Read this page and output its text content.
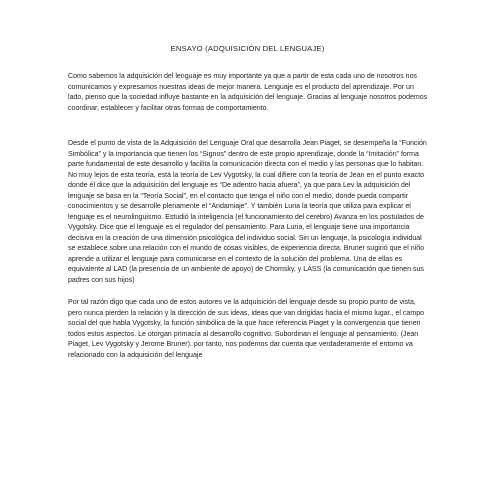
ENSAYO (ADQUISICIÓN DEL LENGUAJE)

Como sabemos la adquisición del lenguaje es muy importante ya que a partir de esta cada uno de nosotros nos comunicamos y expresamos nuestras ideas de mejor manera. Lenguaje es el producto del aprendizaje. Por un lado, pienso que la sociedad influye bastante en la adquisición del lenguaje. Gracias al lenguaje nosotros podemos coordinar, establecer y facilitar otras formas de comportamiento.

Desde el punto de vista de la Adquisición del Lenguaje Oral que desarrolla Jean Piaget, se desempeña la “Función Simbólica” y la importancia que tienen los “Signos” dentro de este propio aprendizaje, donde la “Imitación” forma parte fundamental de este desarrollo y facilita la comunicación directa con el medio y las personas que lo habitan. No muy lejos de esta teoría, está la teoría de Lev Vygotsky, la cual difiere con la teoría de Jean en el punto exacto donde él dice que la adquisición del lenguaje es “De adentro hacia afuera”, ya que para Lev la adquisición del lenguaje se basa en la “Teoría Social”, en el contacto que tenga el niño con el medio, donde pueda compartir conocimientos y se desarrolle plenamente el “Andamiaje”. Y también Luria la teoría que utiliza para explicar el lenguaje es el neurolinguismo. Estudió la inteligencia (el funcionamiento del cerebro) Avanza en los postulados de Vygotsky. Dice que el lenguaje es el regulador del pensamiento. Para Luria, el lenguaje tiene una importancia decisiva en la creación de una dimensión psicológica del individuo social. Sin un lenguaje, la psicología individual se establece sobre una relación con el mundo de cosas visibles, de experiencia directa. Bruner sugirió que el niño aprende a utilizar el lenguaje para comunicarse en el contexto de la solución del problema. Una de ellas es equivalente al LAD (la presencia de un ambiente de apoyo) de Chomsky, y LASS (la comunicación que tienen sus padres con sus hijos)

Por tal razón digo que cada uno de estos autores ve la adquisición del lenguaje desde su propio punto de vista, pero nunca pierden la relación y la dirección de sus ideas, ideas que van dirigidas hacia el mismo lugar., el campo social del que habla Vygotsky, la función simbólica de la que hace referencia Piaget y la convergencia que tienen todos estos aspectos. Le otorgan primacía al desarrollo cognitivo. Subordinan el lenguaje al pensamiento. (Jean Piaget, Lev Vygotsky y Jerome Bruner). por tanto, nos podemos dar cuenta que verdaderamente el entorno va relacionado con la adquisición del lenguaje
